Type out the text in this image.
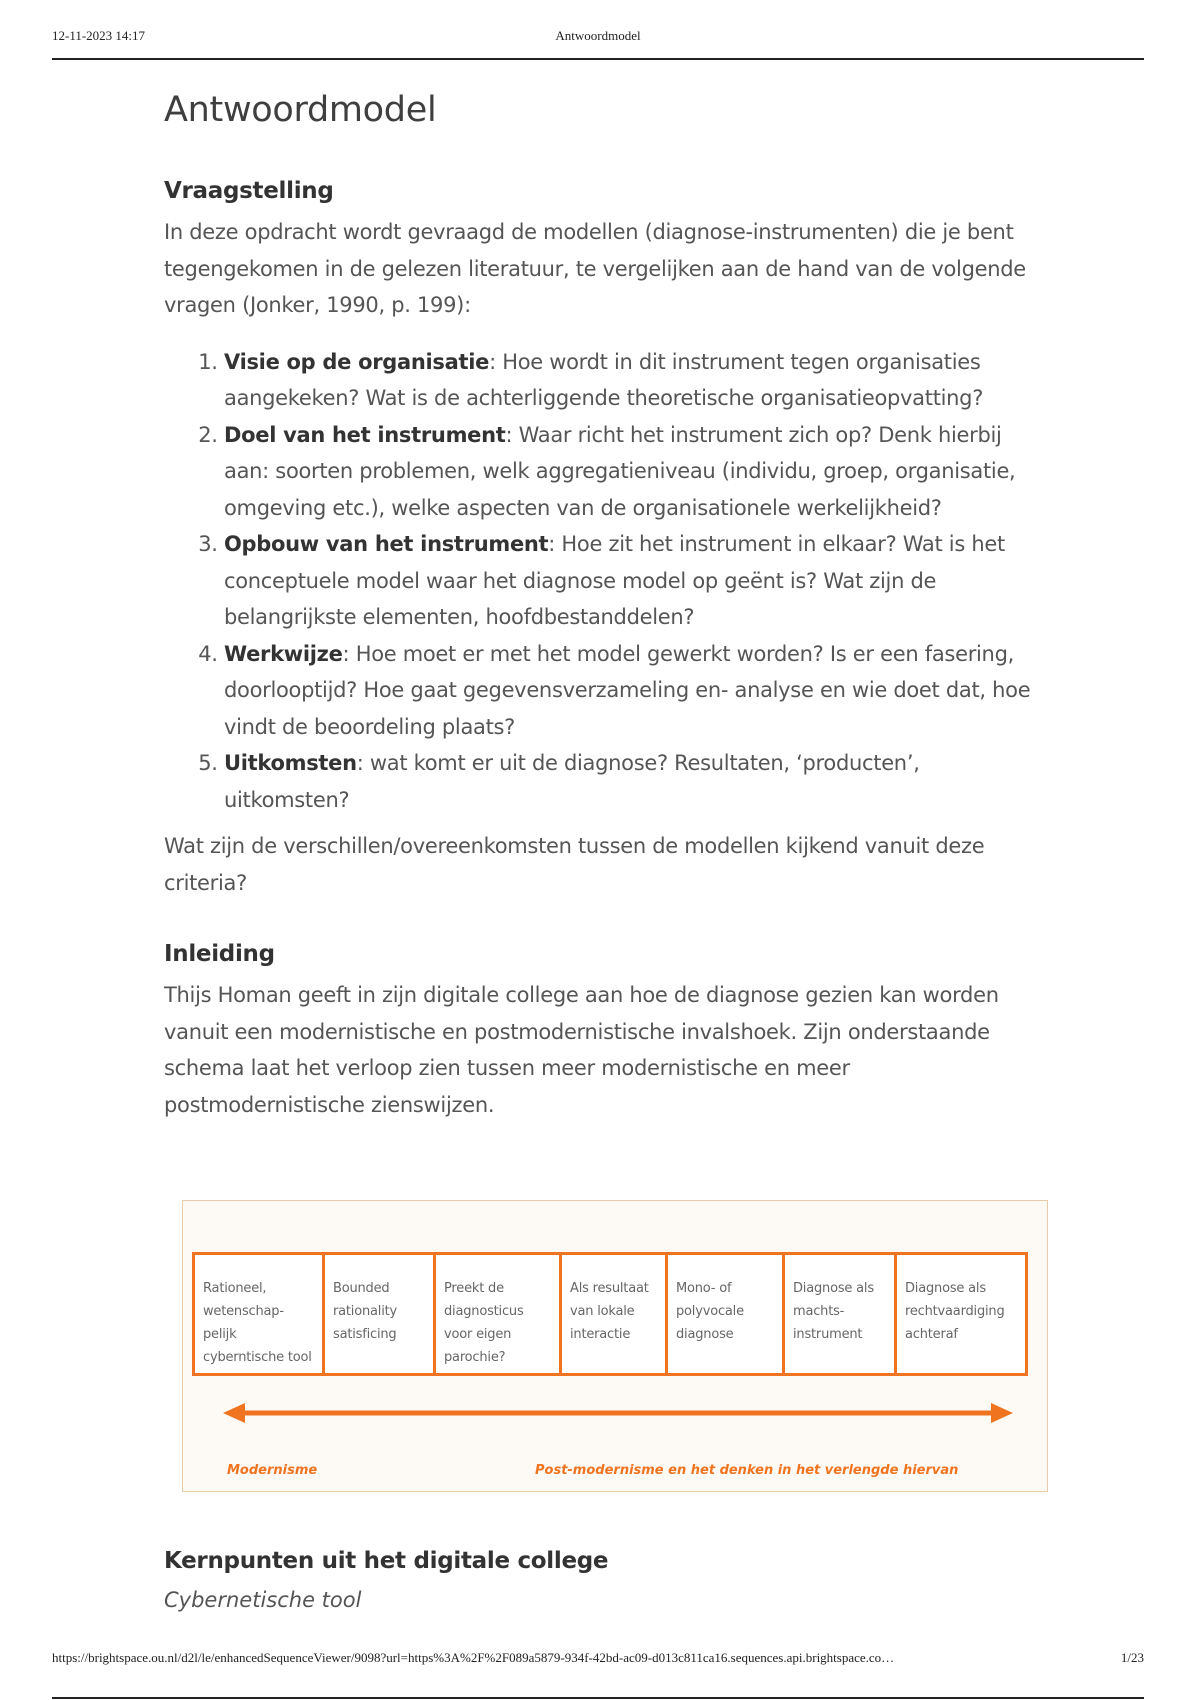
12-11-2023 14:17	Antwoordmodel
Antwoordmodel
Vraagstelling

In deze opdracht wordt gevraagd de modellen (diagnose-instrumenten) die je bent tegengekomen in de gelezen literatuur, te vergelijken aan de hand van de volgende vragen (Jonker, 1990, p. 199):

1. Visie op de organisatie: Hoe wordt in dit instrument tegen organisaties aangekeken? Wat is de achterliggende theoretische organisatieopvatting?
2. Doel van het instrument: Waar richt het instrument zich op? Denk hierbij aan: soorten problemen, welk aggregatieniveau (individu, groep, organisatie, omgeving etc.), welke aspecten van de organisationele werkelijkheid?
3. Opbouw van het instrument: Hoe zit het instrument in elkaar? Wat is het conceptuele model waar het diagnose model op geënt is? Wat zijn de belangrijkste elementen, hoofdbestanddelen?
4. Werkwijze: Hoe moet er met het model gewerkt worden? Is er een fasering, doorlooptijd? Hoe gaat gegevensverzameling en- analyse en wie doet dat, hoe vindt de beoordeling plaats?
5. Uitkomsten: wat komt er uit de diagnose? Resultaten, ‘producten’, uitkomsten?

Wat zijn de verschillen/overeenkomsten tussen de modellen kijkend vanuit deze criteria?

Inleiding

Thijs Homan geeft in zijn digitale college aan hoe de diagnose gezien kan worden vanuit een modernistische en postmodernistische invalshoek. Zijn onderstaande schema laat het verloop zien tussen meer modernistische en meer postmodernistische zienswijzen.

Rationeel,
wetenschap-
pelijk
cyberntische tool
Bounded
rationality
satisficing
Preekt de
diagnosticus
voor eigen
parochie?
Als resultaat
van lokale
interactie
Mono- of
polyvocale
diagnose
Diagnose als
machts-
instrument
Diagnose als
rechtvaardiging
achteraf
Modernisme	Post-modernisme en het denken in het verlengde hiervan
Kernpunten uit het digitale college
Cybernetische tool
https://brightspace.ou.nl/d2l/le/enhancedSequenceViewer/9098?url=https%3A%2F%2F089a5879-934f-42bd-ac09-d013c811ca16.sequences.api.brightspace.co…	1/23
